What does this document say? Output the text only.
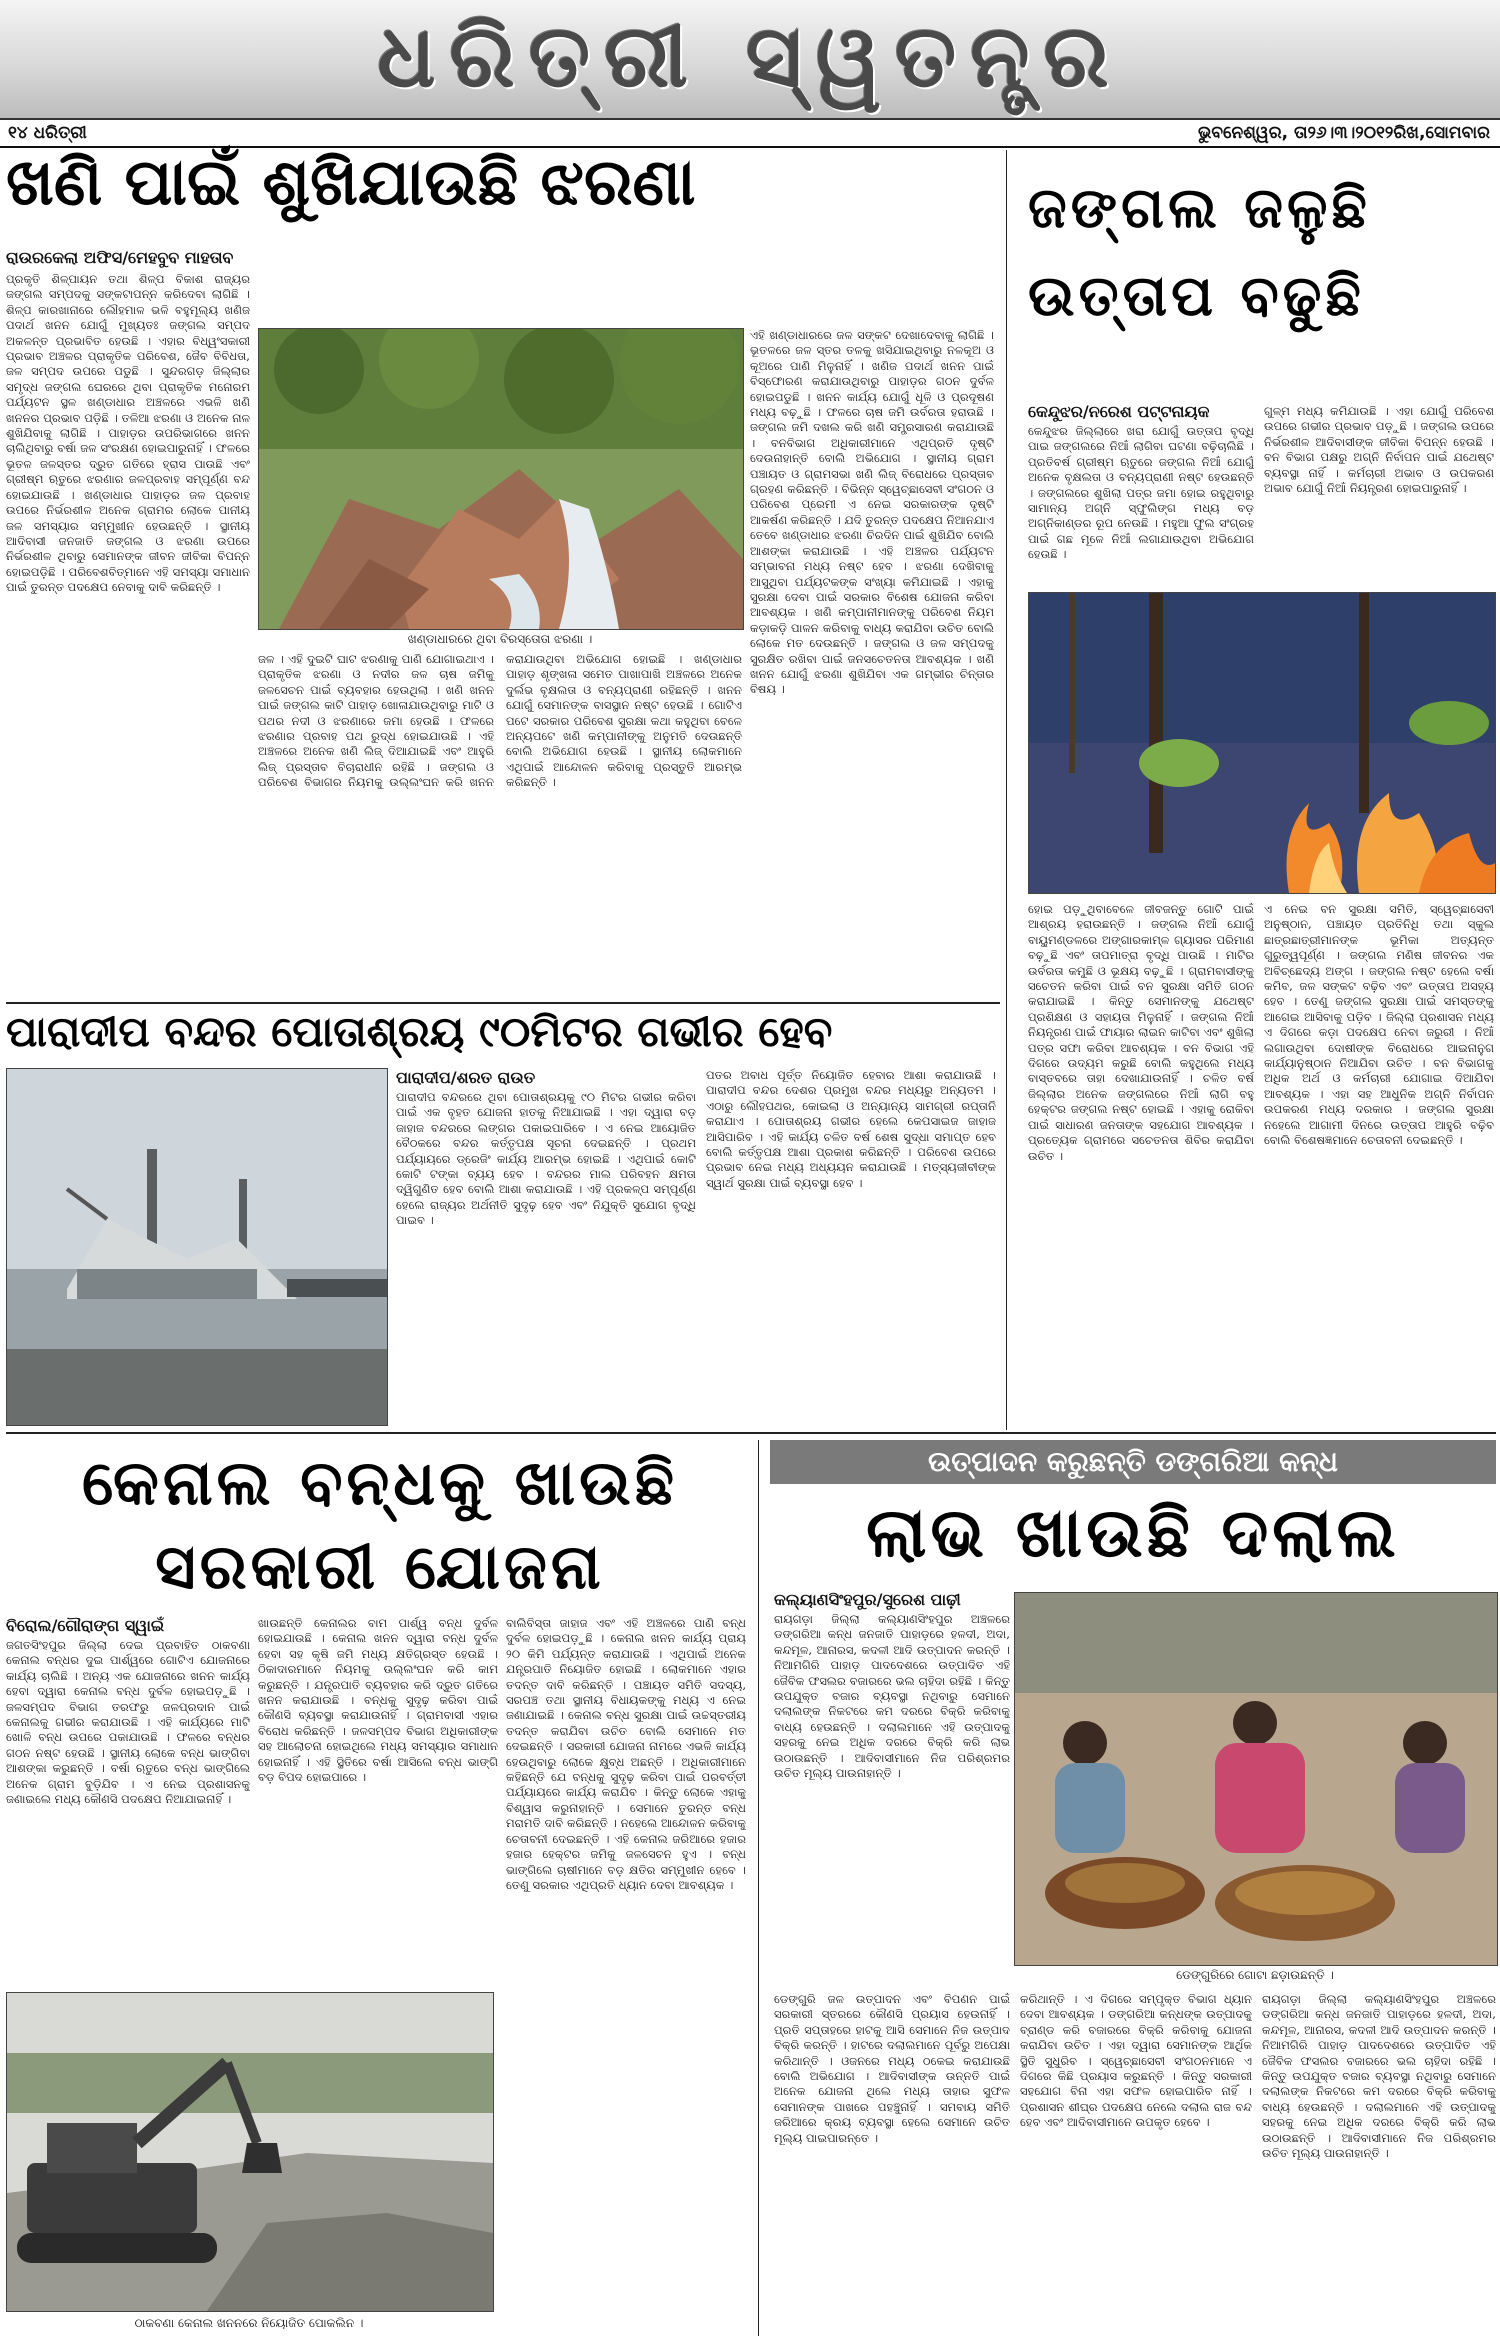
ଧରିତ୍ରୀ ସ୍ୱତନ୍ତ୍ର
୧୪ ଧରିତ୍ରୀ	ଭୁବନେଶ୍ୱର, ତା୨୬।୩।୨୦୧୨ରିଖ,ସୋମବାର
ଖଣି ପାଇଁ ଶୁଖିଯାଉଛି ଝରଣା
ରାଉରକେଲା ଅଫିସ/ମେହବୁବ ମାହତାବ
ପ୍ରକୃତି ଶିଳ୍ପାୟନ ତଥା ଶିଳ୍ପ ବିକାଶ ରାଜ୍ୟର ଜଙ୍ଗଲ ସମ୍ପଦକୁ ସଙ୍କଟାପନ୍ନ କରିଦେବା ଲାଗିଛି । ଶିଳ୍ପ କାରଖାନାରେ ଲୌହମାଳ ଭଳି ବହୁମୂଲ୍ୟ ଖଣିଜ ପଦାର୍ଥ ଖନନ ଯୋଗୁଁ ମୁଖ୍ୟତଃ ଜଙ୍ଗଲ ସମ୍ପଦ ଅକଳନ୍ତ ପ୍ରଭାବିତ ହେଉଛି । ଏହାର ବିଧ୍ୱଂସକାରୀ ପ୍ରଭାବ ଅଞ୍ଚଳର ପ୍ରାକୃତିକ ପରିବେଶ, ଜୈବ ବିବିଧତା, ଜଳ ସମ୍ପଦ ଉପରେ ପଡୁଛି । ସୁନ୍ଦରଗଡ଼ ଜିଲ୍ଲାର ସମୃଦ୍ଧ ଜଙ୍ଗଲ ଘେରରେ ଥିବା ପ୍ରାକୃତିକ ମନୋରମ ପର୍ଯ୍ୟଟନ ସ୍ଥଳ ଖଣ୍ଡାଧାର ଅଞ୍ଚଳରେ ଏଭଳି ଖଣି ଖନନର ପ୍ରଭାବ ପଡ଼ିଛି । ତଳିଆ ଝରଣା ଓ ଅନେକ ନାଳ ଶୁଖିଯିବାକୁ ଲାଗିଛି । ପାହାଡ଼ର ଉପରିଭାଗରେ ଖନନ ଚାଲିଥିବାରୁ ବର୍ଷା ଜଳ ସଂରକ୍ଷଣ ହୋଇପାରୁନାହିଁ । ଫଳରେ ଭୂତଳ ଜଳସ୍ତର ଦ୍ରୁତ ଗତିରେ ହ୍ରାସ ପାଉଛି ଏବଂ ଗ୍ରୀଷ୍ମ ଋତୁରେ ଝରଣାର ଜଳପ୍ରବାହ ସମ୍ପୂର୍ଣ୍ଣ ବନ୍ଦ ହୋଇଯାଉଛି । ଖଣ୍ଡାଧାର ପାହାଡ଼ର ଜଳ ପ୍ରବାହ ଉପରେ ନିର୍ଭରଶୀଳ ଅନେକ ଗ୍ରାମର ଲୋକେ ପାନୀୟ ଜଳ ସମସ୍ୟାର ସମ୍ମୁଖୀନ ହେଉଛନ୍ତି । ସ୍ଥାନୀୟ ଆଦିବାସୀ ଜନଜାତି ଜଙ୍ଗଲ ଓ ଝରଣା ଉପରେ ନିର୍ଭରଶୀଳ ଥିବାରୁ ସେମାନଙ୍କ ଜୀବନ ଜୀବିକା ବିପନ୍ନ ହୋଇପଡ଼ିଛି । ପରିବେଶବିତ୍‌ମାନେ ଏହି ସମସ୍ୟା ସମାଧାନ ପାଇଁ ତୁରନ୍ତ ପଦକ୍ଷେପ ନେବାକୁ ଦାବି କରିଛନ୍ତି ।
ଖଣ୍ଡାଧାରରେ ଥିବା ବିରସ୍ତୋତା ଝରଣା ।
ଜଳ । ଏହି ଦୁଇଟି ଘାଟ ଝରଣାକୁ ପାଣି ଯୋଗାଇଥାଏ । ପ୍ରାକୃତିକ ଝରଣା ଓ ନଦୀର ଜଳ ଚାଷ ଜମିକୁ ଜଳସେଚନ ପାଇଁ ବ୍ୟବହାର ହେଉଥିଲା । ଖଣି ଖନନ ପାଇଁ ଜଙ୍ଗଲ କାଟି ପାହାଡ଼ ଖୋଳାଯାଉଥିବାରୁ ମାଟି ଓ ପଥର ନଦୀ ଓ ଝରଣାରେ ଜମା ହେଉଛି । ଫଳରେ ଝରଣାର ପ୍ରବାହ ପଥ ରୁଦ୍ଧ ହୋଇଯାଉଛି । ଏହି ଅଞ୍ଚଳରେ ଅନେକ ଖଣି ଲିଜ୍ ଦିଆଯାଇଛି ଏବଂ ଆହୁରି ଲିଜ୍ ପ୍ରସ୍ତାବ ବିଚାରାଧୀନ ରହିଛି । ଜଙ୍ଗଲ ଓ ପରିବେଶ ବିଭାଗର ନିୟମକୁ ଉଲ୍ଲଂଘନ କରି ଖନନ କରାଯାଉଥିବା ଅଭିଯୋଗ ହୋଇଛି । ଖଣ୍ଡାଧାର ପାହାଡ଼ ଶୃଙ୍ଖଳା ସମେତ ପାଖାପାଖି ଅଞ୍ଚଳରେ ଅନେକ ଦୁର୍ଲଭ ବୃକ୍ଷଲତା ଓ ବନ୍ୟପ୍ରାଣୀ ରହିଛନ୍ତି । ଖନନ ଯୋଗୁଁ ସେମାନଙ୍କ ବାସସ୍ଥାନ ନଷ୍ଟ ହେଉଛି । ଗୋଟିଏ ପଟେ ସରକାର ପରିବେଶ ସୁରକ୍ଷା କଥା କହୁଥିବା ବେଳେ ଅନ୍ୟପଟେ ଖଣି କମ୍ପାନୀଙ୍କୁ ଅନୁମତି ଦେଉଛନ୍ତି ବୋଲି ଅଭିଯୋଗ ହେଉଛି । ସ୍ଥାନୀୟ ଲୋକମାନେ ଏଥିପାଇଁ ଆନ୍ଦୋଳନ କରିବାକୁ ପ୍ରସ୍ତୁତି ଆରମ୍ଭ କରିଛନ୍ତି ।
ଏହି ଖଣ୍ଡାଧାରରେ ଜଳ ସଙ୍କଟ ଦେଖାଦେବାକୁ ଲାଗିଛି । ଭୂତଳରେ ଜଳ ସ୍ତର ତଳକୁ ଖସିଯାଇଥିବାରୁ ନଳକୂଅ ଓ କୂଅରେ ପାଣି ମିଳୁନାହିଁ । ଖଣିଜ ପଦାର୍ଥ ଖନନ ପାଇଁ ବିସ୍ଫୋରଣ କରାଯାଉଥିବାରୁ ପାହାଡ଼ର ଗଠନ ଦୁର୍ବଳ ହୋଇପଡୁଛି । ଖନନ କାର୍ଯ୍ୟ ଯୋଗୁଁ ଧୂଳି ଓ ପ୍ରଦୂଷଣ ମଧ୍ୟ ବଢ଼ୁଛି । ଫଳରେ ଚାଷ ଜମି ଉର୍ବରତା ହରାଉଛି । ଜଙ୍ଗଲ ଜମି ଦଖଲ କରି ଖଣି ସମ୍ପ୍ରସାରଣ କରାଯାଉଛି । ବନବିଭାଗ ଅଧିକାରୀମାନେ ଏଥିପ୍ରତି ଦୃଷ୍ଟି ଦେଉନାହାନ୍ତି ବୋଲି ଅଭିଯୋଗ । ସ୍ଥାନୀୟ ଗ୍ରାମ ପଞ୍ଚାୟତ ଓ ଗ୍ରାମସଭା ଖଣି ଲିଜ୍ ବିରୋଧରେ ପ୍ରସ୍ତାବ ଗ୍ରହଣ କରିଛନ୍ତି । ବିଭିନ୍ନ ସ୍ୱେଚ୍ଛାସେବୀ ସଂଗଠନ ଓ ପରିବେଶ ପ୍ରେମୀ ଏ ନେଇ ସରକାରଙ୍କ ଦୃଷ୍ଟି ଆକର୍ଷଣ କରିଛନ୍ତି । ଯଦି ତୁରନ୍ତ ପଦକ୍ଷେପ ନିଆନଯାଏ ତେବେ ଖଣ୍ଡାଧାର ଝରଣା ଚିରଦିନ ପାଇଁ ଶୁଖିଯିବ ବୋଲି ଆଶଙ୍କା କରାଯାଉଛି । ଏହି ଅଞ୍ଚଳର ପର୍ଯ୍ୟଟନ ସମ୍ଭାବନା ମଧ୍ୟ ନଷ୍ଟ ହେବ । ଝରଣା ଦେଖିବାକୁ ଆସୁଥିବା ପର୍ଯ୍ୟଟକଙ୍କ ସଂଖ୍ୟା କମିଯାଇଛି । ଏହାକୁ ସୁରକ୍ଷା ଦେବା ପାଇଁ ସରକାର ବିଶେଷ ଯୋଜନା କରିବା ଆବଶ୍ୟକ । ଖଣି କମ୍ପାନୀମାନଙ୍କୁ ପରିବେଶ ନିୟମ କଡ଼ାକଡ଼ି ପାଳନ କରିବାକୁ ବାଧ୍ୟ କରାଯିବା ଉଚିତ ବୋଲି ଲୋକେ ମତ ଦେଉଛନ୍ତି । ଜଙ୍ଗଲ ଓ ଜଳ ସମ୍ପଦକୁ ସୁରକ୍ଷିତ ରଖିବା ପାଇଁ ଜନସଚେତନତା ଆବଶ୍ୟକ । ଖଣି ଖନନ ଯୋଗୁଁ ଝରଣା ଶୁଖିଯିବା ଏକ ଗମ୍ଭୀର ଚିନ୍ତାର ବିଷୟ ।
ଜଙ୍ଗଲ ଜଳୁଛି
ଉତ୍ତାପ ବଢୁଛି
କେନ୍ଦୁଝର/ନରେଶ ପଟ୍ଟନାୟକ
କେନ୍ଦୁଝର ଜିଲ୍ଲାରେ ଖରା ଯୋଗୁଁ ଉତ୍ତାପ ବୃଦ୍ଧି ପାଇ ଜଙ୍ଗଲରେ ନିଆଁ ଲାଗିବା ଘଟଣା ବଢ଼ିଚାଲିଛି । ପ୍ରତିବର୍ଷ ଗ୍ରୀଷ୍ମ ଋତୁରେ ଜଙ୍ଗଲ ନିଆଁ ଯୋଗୁଁ ଅନେକ ବୃକ୍ଷଲତା ଓ ବନ୍ୟପ୍ରାଣୀ ନଷ୍ଟ ହେଉଛନ୍ତି । ଜଙ୍ଗଲରେ ଶୁଖିଲା ପତ୍ର ଜମା ହୋଇ ରହୁଥିବାରୁ ସାମାନ୍ୟ ଅଗ୍ନି ସ୍ଫୁଲିଙ୍ଗ ମଧ୍ୟ ବଡ଼ ଅଗ୍ନିକାଣ୍ଡର ରୂପ ନେଉଛି । ମହୁଆ ଫୁଲ ସଂଗ୍ରହ ପାଇଁ ଗଛ ମୂଳେ ନିଆଁ ଲଗାଯାଉଥିବା ଅଭିଯୋଗ ହେଉଛି ।
ଗୁଳ୍ମ ମଧ୍ୟ କମିଯାଉଛି । ଏହା ଯୋଗୁଁ ପରିବେଶ ଉପରେ ଗଭୀର ପ୍ରଭାବ ପଡ଼ୁଛି । ଜଙ୍ଗଲ ଉପରେ ନିର୍ଭରଶୀଳ ଆଦିବାସୀଙ୍କ ଜୀବିକା ବିପନ୍ନ ହେଉଛି । ବନ ବିଭାଗ ପକ୍ଷରୁ ଅଗ୍ନି ନିର୍ବାପନ ପାଇଁ ଯଥେଷ୍ଟ ବ୍ୟବସ୍ଥା ନାହିଁ । କର୍ମଚାରୀ ଅଭାବ ଓ ଉପକରଣ ଅଭାବ ଯୋଗୁଁ ନିଆଁ ନିୟନ୍ତ୍ରଣ ହୋଇପାରୁନାହିଁ ।
ହୋଇ ପଡ଼ୁଥିବାବେଳେ ଜୀବଜନ୍ତୁ ଗୋଟି ପାଇଁ ଆଶ୍ରୟ ହରାଉଛନ୍ତି । ଜଙ୍ଗଲ ନିଆଁ ଯୋଗୁଁ ବାୟୁମଣ୍ଡଳରେ ଅଙ୍ଗାରକାମ୍ଳ ଗ୍ୟାସର ପରିମାଣ ବଢ଼ୁଛି ଏବଂ ତାପମାତ୍ରା ବୃଦ୍ଧି ପାଉଛି । ମାଟିର ଉର୍ବରତା କମୁଛି ଓ ଭୂକ୍ଷୟ ବଢ଼ୁଛି । ଗ୍ରାମବାସୀଙ୍କୁ ସଚେତନ କରିବା ପାଇଁ ବନ ସୁରକ୍ଷା ସମିତି ଗଠନ କରାଯାଇଛି । କିନ୍ତୁ ସେମାନଙ୍କୁ ଯଥେଷ୍ଟ ପ୍ରଶିକ୍ଷଣ ଓ ସହାୟତା ମିଳୁନାହିଁ । ଜଙ୍ଗଲ ନିଆଁ ନିୟନ୍ତ୍ରଣ ପାଇଁ ଫାୟାର ଲାଇନ କାଟିବା ଏବଂ ଶୁଖିଲା ପତ୍ର ସଫା କରିବା ଆବଶ୍ୟକ । ବନ ବିଭାଗ ଏହି ଦିଗରେ ଉଦ୍ୟମ କରୁଛି ବୋଲି କହୁଥିଲେ ମଧ୍ୟ ବାସ୍ତବରେ ତାହା ଦେଖାଯାଉନାହିଁ । ଚଳିତ ବର୍ଷ ଜିଲ୍ଲାର ଅନେକ ଜଙ୍ଗଲରେ ନିଆଁ ଲାଗି ବହୁ ହେକ୍ଟର ଜଙ୍ଗଲ ନଷ୍ଟ ହୋଇଛି । ଏହାକୁ ରୋକିବା ପାଇଁ ସାଧାରଣ ଜନତାଙ୍କ ସହଯୋଗ ଆବଶ୍ୟକ । ପ୍ରତ୍ୟେକ ଗ୍ରାମରେ ସଚେତନତା ଶିବିର କରାଯିବା ଉଚିତ ।
ଏ ନେଇ ବନ ସୁରକ୍ଷା ସମିତି, ସ୍ୱେଚ୍ଛାସେବୀ ଅନୁଷ୍ଠାନ, ପଞ୍ଚାୟତ ପ୍ରତିନିଧି ତଥା ସ୍କୁଲ ଛାତ୍ରଛାତ୍ରୀମାନଙ୍କ ଭୂମିକା ଅତ୍ୟନ୍ତ ଗୁରୁତ୍ୱପୂର୍ଣ୍ଣ । ଜଙ୍ଗଲ ମଣିଷ ଜୀବନର ଏକ ଅବିଚ୍ଛେଦ୍ୟ ଅଙ୍ଗ । ଜଙ୍ଗଲ ନଷ୍ଟ ହେଲେ ବର୍ଷା କମିବ, ଜଳ ସଙ୍କଟ ବଢ଼ିବ ଏବଂ ଉତ୍ତାପ ଅସହ୍ୟ ହେବ । ତେଣୁ ଜଙ୍ଗଲ ସୁରକ୍ଷା ପାଇଁ ସମସ୍ତଙ୍କୁ ଆଗେଇ ଆସିବାକୁ ପଡ଼ିବ । ଜିଲ୍ଲା ପ୍ରଶାସନ ମଧ୍ୟ ଏ ଦିଗରେ କଡ଼ା ପଦକ୍ଷେପ ନେବା ଜରୁରୀ । ନିଆଁ ଲଗାଉଥିବା ଦୋଷୀଙ୍କ ବିରୋଧରେ ଆଇନାନୁଗ କାର୍ଯ୍ୟାନୁଷ୍ଠାନ ନିଆଯିବା ଉଚିତ । ବନ ବିଭାଗକୁ ଅଧିକ ଅର୍ଥ ଓ କର୍ମଚାରୀ ଯୋଗାଇ ଦିଆଯିବା ଆବଶ୍ୟକ । ଏହା ସହ ଆଧୁନିକ ଅଗ୍ନି ନିର୍ବାପନ ଉପକରଣ ମଧ୍ୟ ଦରକାର । ଜଙ୍ଗଲ ସୁରକ୍ଷା ନହେଲେ ଆଗାମୀ ଦିନରେ ଉତ୍ତାପ ଆହୁରି ବଢ଼ିବ ବୋଲି ବିଶେଷଜ୍ଞମାନେ ଚେତାବନୀ ଦେଇଛନ୍ତି ।
ପାରାଦୀପ ବନ୍ଦର ପୋତାଶ୍ରୟ ୯୦ମିଟର ଗଭୀର ହେବ
ପାରାଦୀପ/ଶରତ ରାଉତ
ପାରାଦୀପ ବନ୍ଦରରେ ଥିବା ପୋତାଶ୍ରୟକୁ ୯୦ ମିଟର ଗଭୀର କରିବା ପାଇଁ ଏକ ବୃହତ ଯୋଜନା ହାତକୁ ନିଆଯାଇଛି । ଏହା ଦ୍ୱାରା ବଡ଼ ଜାହାଜ ବନ୍ଦରରେ ଲଙ୍ଗର ପକାଇପାରିବେ । ଏ ନେଇ ଆୟୋଜିତ ବୈଠକରେ ବନ୍ଦର କର୍ତ୍ତୃପକ୍ଷ ସୂଚନା ଦେଇଛନ୍ତି । ପ୍ରଥମ ପର୍ଯ୍ୟାୟରେ ଡ୍ରେଜିଂ କାର୍ଯ୍ୟ ଆରମ୍ଭ ହୋଇଛି । ଏଥିପାଇଁ କୋଟି କୋଟି ଟଙ୍କା ବ୍ୟୟ ହେବ । ବନ୍ଦରର ମାଲ ପରିବହନ କ୍ଷମତା ଦ୍ୱିଗୁଣିତ ହେବ ବୋଲି ଆଶା କରାଯାଉଛି । ଏହି ପ୍ରକଳ୍ପ ସମ୍ପୂର୍ଣ୍ଣ ହେଲେ ରାଜ୍ୟର ଅର୍ଥନୀତି ସୁଦୃଢ଼ ହେବ ଏବଂ ନିଯୁକ୍ତି ସୁଯୋଗ ବୃଦ୍ଧି ପାଇବ ।
ପତର ଅବାଧ ପୂର୍ତ୍ତ ନିୟୋଜିତ ହେବାର ଆଶା କରାଯାଉଛି । ପାରାଦୀପ ବନ୍ଦର ଦେଶର ପ୍ରମୁଖ ବନ୍ଦର ମଧ୍ୟରୁ ଅନ୍ୟତମ । ଏଠାରୁ ଲୌହପଥର, କୋଇଲା ଓ ଅନ୍ୟାନ୍ୟ ସାମଗ୍ରୀ ରପ୍ତାନି କରାଯାଏ । ପୋତାଶ୍ରୟ ଗଭୀର ହେଲେ କେପସାଇଜ ଜାହାଜ ଆସିପାରିବ । ଏହି କାର୍ଯ୍ୟ ଚଳିତ ବର୍ଷ ଶେଷ ସୁଦ୍ଧା ସମାପ୍ତ ହେବ ବୋଲି କର୍ତ୍ତୃପକ୍ଷ ଆଶା ପ୍ରକାଶ କରିଛନ୍ତି । ପରିବେଶ ଉପରେ ପ୍ରଭାବ ନେଇ ମଧ୍ୟ ଅଧ୍ୟୟନ କରାଯାଉଛି । ମତ୍ସ୍ୟଜୀବୀଙ୍କ ସ୍ୱାର୍ଥ ସୁରକ୍ଷା ପାଇଁ ବ୍ୟବସ୍ଥା ହେବ ।
କେନାଲ ବନ୍ଧକୁ ଖାଉଛି
ସରକାରୀ ଯୋଜନା
ବିରୋଲ/ଗୌରାଙ୍ଗ ସ୍ୱାଇଁ
ଜଗତସିଂହପୁର ଜିଲ୍ଲା ଦେଇ ପ୍ରବାହିତ ଠାକବଣା କେନାଲ ବନ୍ଧର ଦୁଇ ପାର୍ଶ୍ୱରେ ଗୋଟିଏ ଯୋଜନାରେ କାର୍ଯ୍ୟ ଚାଲିଛି । ଅନ୍ୟ ଏକ ଯୋଜନାରେ ଖନନ କାର୍ଯ୍ୟ ହେବା ଦ୍ୱାରା କେନାଲ ବନ୍ଧ ଦୁର୍ବଳ ହୋଇପଡ଼ୁଛି । ଜଳସମ୍ପଦ ବିଭାଗ ତରଫରୁ ଜଳପ୍ରଦାନ ପାଇଁ କେନାଲକୁ ଗଭୀର କରାଯାଉଛି । ଏହି କାର୍ଯ୍ୟରେ ମାଟି ଖୋଳି ବନ୍ଧ ଉପରେ ପକାଯାଉଛି । ଫଳରେ ବନ୍ଧର ଗଠନ ନଷ୍ଟ ହେଉଛି । ସ୍ଥାନୀୟ ଲୋକେ ବନ୍ଧ ଭାଙ୍ଗିବା ଆଶଙ୍କା କରୁଛନ୍ତି । ବର୍ଷା ଋତୁରେ ବନ୍ଧ ଭାଙ୍ଗିଲେ ଅନେକ ଗ୍ରାମ ବୁଡ଼ିଯିବ । ଏ ନେଇ ପ୍ରଶାସନକୁ ଜଣାଇଲେ ମଧ୍ୟ କୌଣସି ପଦକ୍ଷେପ ନିଆଯାଇନାହିଁ ।
ଖାଉଛନ୍ତି କେନାଲର ବାମ ପାର୍ଶ୍ୱ ବନ୍ଧ ଦୁର୍ବଳ ହୋଇଯାଉଛି । କେନାଲ ଖନନ ଦ୍ୱାରା ବନ୍ଧ ଦୁର୍ବଳ ହେବା ସହ କୃଷି ଜମି ମଧ୍ୟ କ୍ଷତିଗ୍ରସ୍ତ ହେଉଛି । ଠିକାଦାରମାନେ ନିୟମକୁ ଉଲ୍ଲଂଘନ କରି କାମ କରୁଛନ୍ତି । ଯନ୍ତ୍ରପାତି ବ୍ୟବହାର କରି ଦ୍ରୁତ ଗତିରେ ଖନନ କରାଯାଉଛି । ବନ୍ଧକୁ ସୁଦୃଢ଼ କରିବା ପାଇଁ କୌଣସି ବ୍ୟବସ୍ଥା କରାଯାଉନାହିଁ । ଗ୍ରାମବାସୀ ଏହାର ବିରୋଧ କରିଛନ୍ତି । ଜଳସମ୍ପଦ ବିଭାଗ ଅଧିକାରୀଙ୍କ ସହ ଆଲୋଚନା ହୋଇଥିଲେ ମଧ୍ୟ ସମସ୍ୟାର ସମାଧାନ ହୋଇନାହିଁ । ଏହି ସ୍ଥିତିରେ ବର୍ଷା ଆସିଲେ ବନ୍ଧ ଭାଙ୍ଗି ବଡ଼ ବିପଦ ହୋଇପାରେ ।
ଠାକବଣା କେନାଲ ଖନନରେ ନିୟୋଜିତ ପୋକଲିନ ।
ବାଲିବିସ୍ତା ଜାହାଜ ଏବଂ ଏହି ଅଞ୍ଚଳରେ ପାଣି ବନ୍ଧ ଦୁର୍ବଳ ହୋଇପଡ଼ୁଛି । କେନାଲ ଖନନ କାର୍ଯ୍ୟ ପ୍ରାୟ ୨୦ କିମି ପର୍ଯ୍ୟନ୍ତ କରାଯାଉଛି । ଏଥିପାଇଁ ଅନେକ ଯନ୍ତ୍ରପାତି ନିୟୋଜିତ ହୋଇଛି । ଲୋକମାନେ ଏହାର ତଦନ୍ତ ଦାବି କରିଛନ୍ତି । ପଞ୍ଚାୟତ ସମିତି ସଦସ୍ୟ, ସରପଞ୍ଚ ତଥା ସ୍ଥାନୀୟ ବିଧାୟକଙ୍କୁ ମଧ୍ୟ ଏ ନେଇ ଜଣାଯାଇଛି । କେନାଲ ବନ୍ଧ ସୁରକ୍ଷା ପାଇଁ ଉଚ୍ଚସ୍ତରୀୟ ତଦନ୍ତ କରାଯିବା ଉଚିତ ବୋଲି ସେମାନେ ମତ ଦେଇଛନ୍ତି । ସରକାରୀ ଯୋଜନା ନାମରେ ଏଭଳି କାର୍ଯ୍ୟ ହେଉଥିବାରୁ ଲୋକେ କ୍ଷୁବ୍ଧ ଅଛନ୍ତି । ଅଧିକାରୀମାନେ କହିଛନ୍ତି ଯେ ବନ୍ଧକୁ ସୁଦୃଢ଼ କରିବା ପାଇଁ ପରବର୍ତ୍ତୀ ପର୍ଯ୍ୟାୟରେ କାର୍ଯ୍ୟ କରାଯିବ । କିନ୍ତୁ ଲୋକେ ଏହାକୁ ବିଶ୍ୱାସ କରୁନାହାନ୍ତି । ସେମାନେ ତୁରନ୍ତ ବନ୍ଧ ମରାମତି ଦାବି କରିଛନ୍ତି । ନହେଲେ ଆନ୍ଦୋଳନ କରିବାକୁ ଚେତାବନୀ ଦେଇଛନ୍ତି । ଏହି କେନାଲ ଜରିଆରେ ହଜାର ହଜାର ହେକ୍ଟର ଜମିକୁ ଜଳସେଚନ ହୁଏ । ବନ୍ଧ ଭାଙ୍ଗିଲେ ଚାଷୀମାନେ ବଡ଼ କ୍ଷତିର ସମ୍ମୁଖୀନ ହେବେ । ତେଣୁ ସରକାର ଏଥିପ୍ରତି ଧ୍ୟାନ ଦେବା ଆବଶ୍ୟକ ।
ଉତ୍ପାଦନ କରୁଛନ୍ତି ଡଙ୍ଗରିଆ କନ୍ଧ
ଲାଭ ଖାଉଛି ଦଲାଲ
କଲ୍ୟାଣସିଂହପୁର/ସୁରେଶ ପାଢ଼ୀ
ରାୟଗଡ଼ା ଜିଲ୍ଲା କଲ୍ୟାଣସିଂହପୁର ଅଞ୍ଚଳରେ ଡଙ୍ଗରିଆ କନ୍ଧ ଜନଜାତି ପାହାଡ଼ରେ ହଳଦୀ, ଅଦା, କନ୍ଦମୂଳ, ଆନାରସ, କଦଳୀ ଆଦି ଉତ୍ପାଦନ କରନ୍ତି । ନିଆମଗିରି ପାହାଡ଼ ପାଦଦେଶରେ ଉତ୍ପାଦିତ ଏହି ଜୈବିକ ଫସଲର ବଜାରରେ ଭଲ ଚାହିଦା ରହିଛି । କିନ୍ତୁ ଉପଯୁକ୍ତ ବଜାର ବ୍ୟବସ୍ଥା ନଥିବାରୁ ସେମାନେ ଦଲାଲଙ୍କ ନିକଟରେ କମ ଦରରେ ବିକ୍ରି କରିବାକୁ ବାଧ୍ୟ ହେଉଛନ୍ତି । ଦଲାଲମାନେ ଏହି ଉତ୍ପାଦକୁ ସହରକୁ ନେଇ ଅଧିକ ଦରରେ ବିକ୍ରି କରି ଲାଭ ଉଠାଉଛନ୍ତି । ଆଦିବାସୀମାନେ ନିଜ ପରିଶ୍ରମର ଉଚିତ ମୂଲ୍ୟ ପାଉନାହାନ୍ତି ।
ଡେଙ୍ଗୁରିରେ ଗୋଟା ଛଡ଼ାଉଛନ୍ତି ।
ଡେଙ୍ଗୁରି ଜଳ ଉତ୍ପାଦନ ଏବଂ ବିପଣନ ପାଇଁ ସରକାରୀ ସ୍ତରରେ କୌଣସି ପ୍ରୟାସ ହେଉନାହିଁ । ପ୍ରତି ସପ୍ତାହରେ ହାଟକୁ ଆସି ସେମାନେ ନିଜ ଉତ୍ପାଦ ବିକ୍ରି କରନ୍ତି । ହାଟରେ ଦଲାଲମାନେ ପୂର୍ବରୁ ଅପେକ୍ଷା କରିଥାନ୍ତି । ଓଜନରେ ମଧ୍ୟ ଠକେଇ କରାଯାଉଛି ବୋଲି ଅଭିଯୋଗ । ଆଦିବାସୀଙ୍କ ଉନ୍ନତି ପାଇଁ ଅନେକ ଯୋଜନା ଥିଲେ ମଧ୍ୟ ତାହାର ସୁଫଳ ସେମାନଙ୍କ ପାଖରେ ପହଞ୍ଚୁନାହିଁ । ସମବାୟ ସମିତି ଜରିଆରେ କ୍ରୟ ବ୍ୟବସ୍ଥା ହେଲେ ସେମାନେ ଉଚିତ ମୂଲ୍ୟ ପାଇପାରନ୍ତେ ।
କରିଥାନ୍ତି । ଏ ଦିଗରେ ସମ୍ପୃକ୍ତ ବିଭାଗ ଧ୍ୟାନ ଦେବା ଆବଶ୍ୟକ । ଡଙ୍ଗରିଆ କନ୍ଧଙ୍କ ଉତ୍ପାଦକୁ ବ୍ରାଣ୍ଡ କରି ବଜାରରେ ବିକ୍ରି କରିବାକୁ ଯୋଜନା କରାଯିବା ଉଚିତ । ଏହା ଦ୍ୱାରା ସେମାନଙ୍କ ଆର୍ଥିକ ସ୍ଥିତି ସୁଧୁରିବ । ସ୍ୱେଚ୍ଛାସେବୀ ସଂଗଠନମାନେ ଏ ଦିଗରେ କିଛି ପ୍ରୟାସ କରୁଛନ୍ତି । କିନ୍ତୁ ସରକାରୀ ସହଯୋଗ ବିନା ଏହା ସଫଳ ହୋଇପାରିବ ନାହିଁ । ପ୍ରଶାସନ ଶୀଘ୍ର ପଦକ୍ଷେପ ନେଲେ ଦଲାଲ ରାଜ ବନ୍ଦ ହେବ ଏବଂ ଆଦିବାସୀମାନେ ଉପକୃତ ହେବେ ।
ରାୟଗଡ଼ା ଜିଲ୍ଲା କଲ୍ୟାଣସିଂହପୁର ଅଞ୍ଚଳରେ ଡଙ୍ଗରିଆ କନ୍ଧ ଜନଜାତି ପାହାଡ଼ରେ ହଳଦୀ, ଅଦା, କନ୍ଦମୂଳ, ଆନାରସ, କଦଳୀ ଆଦି ଉତ୍ପାଦନ କରନ୍ତି । ନିଆମଗିରି ପାହାଡ଼ ପାଦଦେଶରେ ଉତ୍ପାଦିତ ଏହି ଜୈବିକ ଫସଲର ବଜାରରେ ଭଲ ଚାହିଦା ରହିଛି । କିନ୍ତୁ ଉପଯୁକ୍ତ ବଜାର ବ୍ୟବସ୍ଥା ନଥିବାରୁ ସେମାନେ ଦଲାଲଙ୍କ ନିକଟରେ କମ ଦରରେ ବିକ୍ରି କରିବାକୁ ବାଧ୍ୟ ହେଉଛନ୍ତି । ଦଲାଲମାନେ ଏହି ଉତ୍ପାଦକୁ ସହରକୁ ନେଇ ଅଧିକ ଦରରେ ବିକ୍ରି କରି ଲାଭ ଉଠାଉଛନ୍ତି । ଆଦିବାସୀମାନେ ନିଜ ପରିଶ୍ରମର ଉଚିତ ମୂଲ୍ୟ ପାଉନାହାନ୍ତି ।
